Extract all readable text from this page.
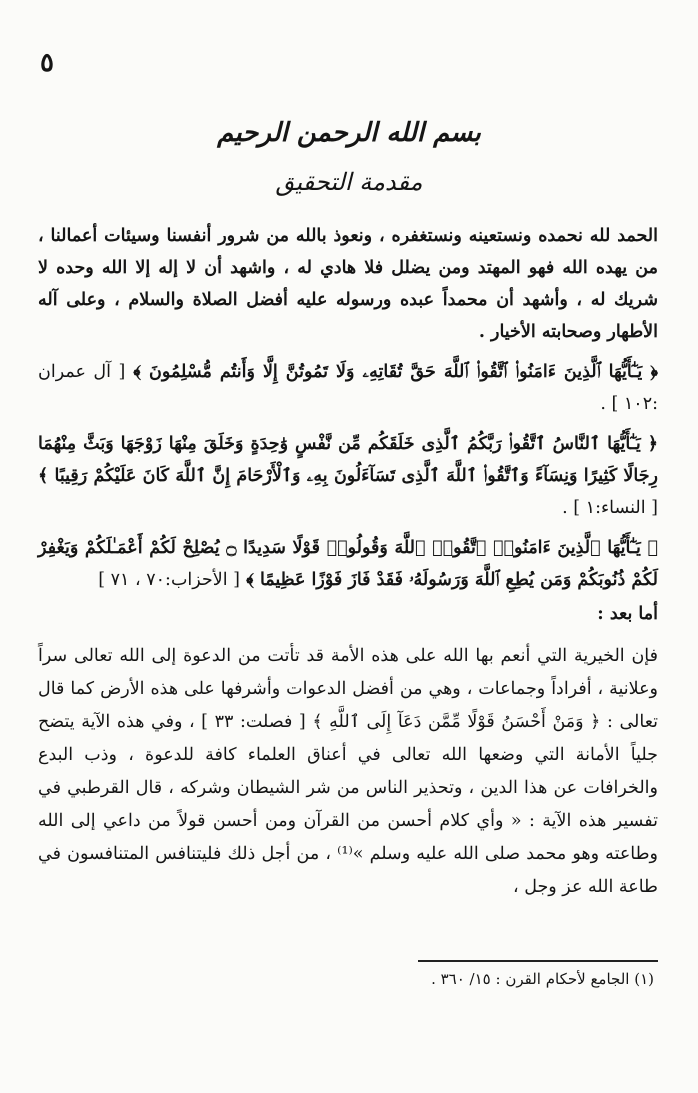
٥
بسم الله الرحمن الرحيم
مقدمة التحقيق

الحمد لله نحمده ونستعينه ونستغفره ، ونعوذ بالله من شرور أنفسنا وسيئات أعمالنا ، من يهده الله فهو المهتد ومن يضلل فلا هادي له ، واشهد أن لا إله إلا الله وحده لا شريك له ، وأشهد أن محمداً عبده ورسوله عليه أفضل الصلاة والسلام ، وعلى آله الأطهار وصحابته الأخيار .

﴿ يَـٰٓأَيُّهَا ٱلَّذِينَ ءَامَنُوا۟ ٱتَّقُوا۟ ٱللَّهَ حَقَّ تُقَاتِهِۦ وَلَا تَمُوتُنَّ إِلَّا وَأَنتُم مُّسْلِمُونَ ﴾ [ آل عمران :١٠٢ ] .

﴿ يَـٰٓأَيُّهَا ٱلنَّاسُ ٱتَّقُوا۟ رَبَّكُمُ ٱلَّذِى خَلَقَكُم مِّن نَّفْسٍ وَٰحِدَةٍ وَخَلَقَ مِنْهَا زَوْجَهَا وَبَثَّ مِنْهُمَا رِجَالًا كَثِيرًا وَنِسَآءً وَٱتَّقُوا۟ ٱللَّهَ ٱلَّذِى تَسَآءَلُونَ بِهِۦ وَٱلْأَرْحَامَ إِنَّ ٱللَّهَ كَانَ عَلَيْكُمْ رَقِيبًا ﴾ [ النساء:١ ] .

﴿ يَـٰٓأَيُّهَا ٱلَّذِينَ ءَامَنُوا۟ ٱتَّقُوا۟ ٱللَّهَ وَقُولُوا۟ قَوْلًا سَدِيدًا ۝ يُصْلِحْ لَكُمْ أَعْمَـٰلَكُمْ وَيَغْفِرْ لَكُمْ ذُنُوبَكُمْ وَمَن يُطِعِ ٱللَّهَ وَرَسُولَهُۥ فَقَدْ فَازَ فَوْزًا عَظِيمًا ﴾ [ الأحزاب:٧٠ ، ٧١ ]

أما بعد :

فإن الخيرية التي أنعم بها الله على هذه الأمة قد تأتت من الدعوة إلى الله تعالى سراً وعلانية ، أفراداً وجماعات ، وهي من أفضل الدعوات وأشرفها على هذه الأرض كما قال تعالى : ﴿ وَمَنْ أَحْسَنُ قَوْلًا مِّمَّن دَعَآ إِلَى ٱللَّهِ ﴾ [ فصلت: ٣٣ ] ، وفي هذه الآية يتضح جلياً الأمانة التي وضعها الله تعالى في أعناق العلماء كافة للدعوة ، وذب البدع والخرافات عن هذا الدين ، وتحذير الناس من شر الشيطان وشركه ، قال القرطبي في تفسير هذه الآية : « وأي كلام أحسن من القرآن ومن أحسن قولاً من داعي إلى الله وطاعته وهو محمد صلى الله عليه وسلم »⁽¹⁾ ، من أجل ذلك فليتنافس المتنافسون في طاعة الله عز وجل ،

(١) الجامع لأحكام القرن : ١٥/ ٣٦٠ .
